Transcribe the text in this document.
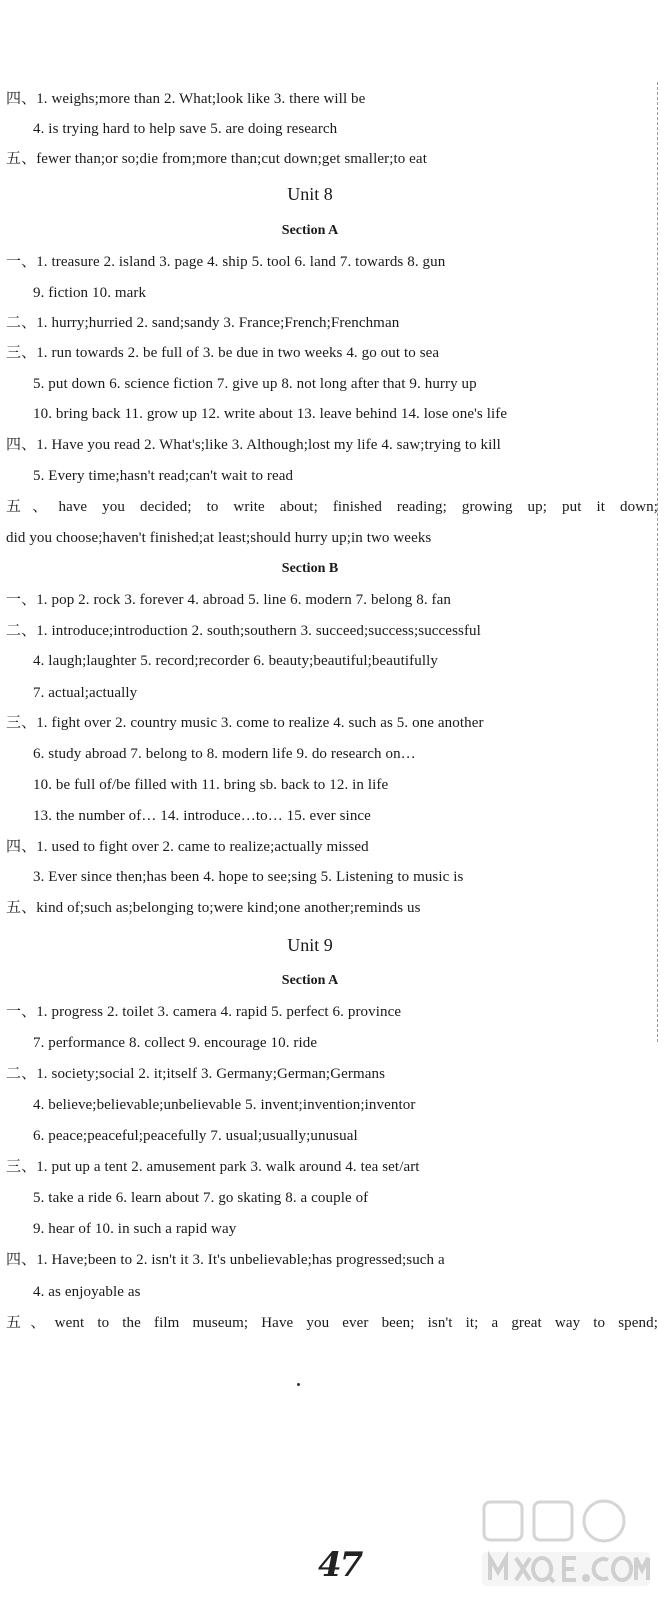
四、1. weighs;more than 2. What;look like 3. there will be
4. is trying hard to help save 5. are doing research
五、fewer than;or so;die from;more than;cut down;get smaller;to eat
Unit 8
Section A
一、1. treasure 2. island 3. page 4. ship 5. tool 6. land 7. towards 8. gun
9. fiction 10. mark
二、1. hurry;hurried 2. sand;sandy 3. France;French;Frenchman
三、1. run towards 2. be full of 3. be due in two weeks 4. go out to sea
5. put down 6. science fiction 7. give up 8. not long after that 9. hurry up
10. bring back 11. grow up 12. write about 13. leave behind 14. lose one's life
四、1. Have you read 2. What's;like 3. Although;lost my life 4. saw;trying to kill
5. Every time;hasn't read;can't wait to read
五、have you decided; to write about; finished reading; growing up; put it down;
did you choose;haven't finished;at least;should hurry up;in two weeks
Section B
一、1. pop 2. rock 3. forever 4. abroad 5. line 6. modern 7. belong 8. fan
二、1. introduce;introduction 2. south;southern 3. succeed;success;successful
4. laugh;laughter 5. record;recorder 6. beauty;beautiful;beautifully
7. actual;actually
三、1. fight over 2. country music 3. come to realize 4. such as 5. one another
6. study abroad 7. belong to 8. modern life 9. do research on…
10. be full of/be filled with 11. bring sb. back to 12. in life
13. the number of… 14. introduce…to… 15. ever since
四、1. used to fight over 2. came to realize;actually missed
3. Ever since then;has been 4. hope to see;sing 5. Listening to music is
五、kind of;such as;belonging to;were kind;one another;reminds us
Unit 9
Section A
一、1. progress 2. toilet 3. camera 4. rapid 5. perfect 6. province
7. performance 8. collect 9. encourage 10. ride
二、1. society;social 2. it;itself 3. Germany;German;Germans
4. believe;believable;unbelievable 5. invent;invention;inventor
6. peace;peaceful;peacefully 7. usual;usually;unusual
三、1. put up a tent 2. amusement park 3. walk around 4. tea set/art
5. take a ride 6. learn about 7. go skating 8. a couple of
9. hear of 10. in such a rapid way
四、1. Have;been to 2. isn't it 3. It's unbelievable;has progressed;such a
4. as enjoyable as
五、went to the film museum; Have you ever been; isn't it; a great way to spend;
47
